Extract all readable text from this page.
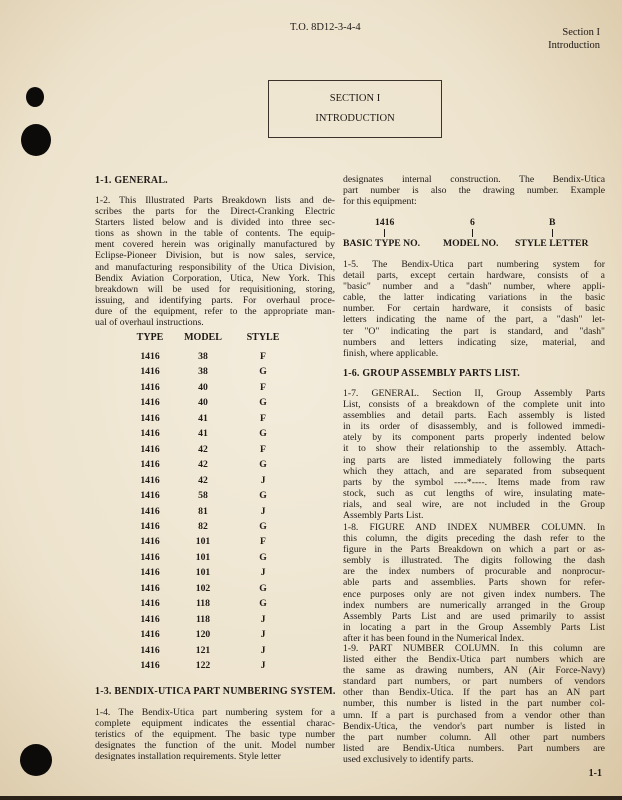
T.O. 8D12-3-4-4	Section I
Introduction
SECTION I
INTRODUCTION
1-1. GENERAL.
1-2. This Illustrated Parts Breakdown lists and de-
scribes the parts for the Direct-Cranking Electric
Starters listed below and is divided into three sec-
tions as shown in the table of contents. The equip-
ment covered herein was originally manufactured by
Eclipse-Pioneer Division, but is now sales, service,
and manufacturing responsibility of the Utica Division,
Bendix Aviation Corporation, Utica, New York. This
breakdown will be used for requisitioning, storing,
issuing, and identifying parts. For overhaul proce-
dure of the equipment, refer to the appropriate man-
ual of overhaul instructions.
TYPE	MODEL	STYLE
1416	38	F
1416	38	G
1416	40	F
1416	40	G
1416	41	F
1416	41	G
1416	42	F
1416	42	G
1416	42	J
1416	58	G
1416	81	J
1416	82	G
1416	101	F
1416	101	G
1416	101	J
1416	102	G
1416	118	G
1416	118	J
1416	120	J
1416	121	J
1416	122	J
1-3. BENDIX-UTICA PART NUMBERING SYSTEM.
1-4. The Bendix-Utica part numbering system for a
complete equipment indicates the essential charac-
teristics of the equipment. The basic type number
designates the function of the unit. Model number
designates installation requirements. Style letter
designates internal construction. The Bendix-Utica
part number is also the drawing number. Example
for this equipment:
1416	6	B
BASIC TYPE NO. MODEL NO. STYLE LETTER
1-5. The Bendix-Utica part numbering system for
detail parts, except certain hardware, consists of a
"basic" number and a "dash" number, where appli-
cable, the latter indicating variations in the basic
number. For certain hardware, it consists of basic
letters indicating the name of the part, a "dash" let-
ter "O" indicating the part is standard, and "dash"
numbers and letters indicating size, material, and
finish, where applicable.
1-6. GROUP ASSEMBLY PARTS LIST.
1-7. GENERAL. Section II, Group Assembly Parts
List, consists of a breakdown of the complete unit into
assemblies and detail parts. Each assembly is listed
in its order of disassembly, and is followed immedi-
ately by its component parts properly indented below
it to show their relationship to the assembly. Attach-
ing parts are listed immediately following the parts
which they attach, and are separated from subsequent
parts by the symbol ----*----. Items made from raw
stock, such as cut lengths of wire, insulating mate-
rials, and seal wire, are not included in the Group
Assembly Parts List.
1-8. FIGURE AND INDEX NUMBER COLUMN. In
this column, the digits preceding the dash refer to the
figure in the Parts Breakdown on which a part or as-
sembly is illustrated. The digits following the dash
are the index numbers of procurable and nonprocur-
able parts and assemblies. Parts shown for refer-
ence purposes only are not given index numbers. The
index numbers are numerically arranged in the Group
Assembly Parts List and are used primarily to assist
in locating a part in the Group Assembly Parts List
after it has been found in the Numerical Index.
1-9. PART NUMBER COLUMN. In this column are
listed either the Bendix-Utica part numbers which are
the same as drawing numbers, AN (Air Force-Navy)
standard part numbers, or part numbers of vendors
other than Bendix-Utica. If the part has an AN part
number, this number is listed in the part number col-
umn. If a part is purchased from a vendor other than
Bendix-Utica, the vendor's part number is listed in
the part number column. All other part numbers
listed are Bendix-Utica numbers. Part numbers are
used exclusively to identify parts.
1-1
